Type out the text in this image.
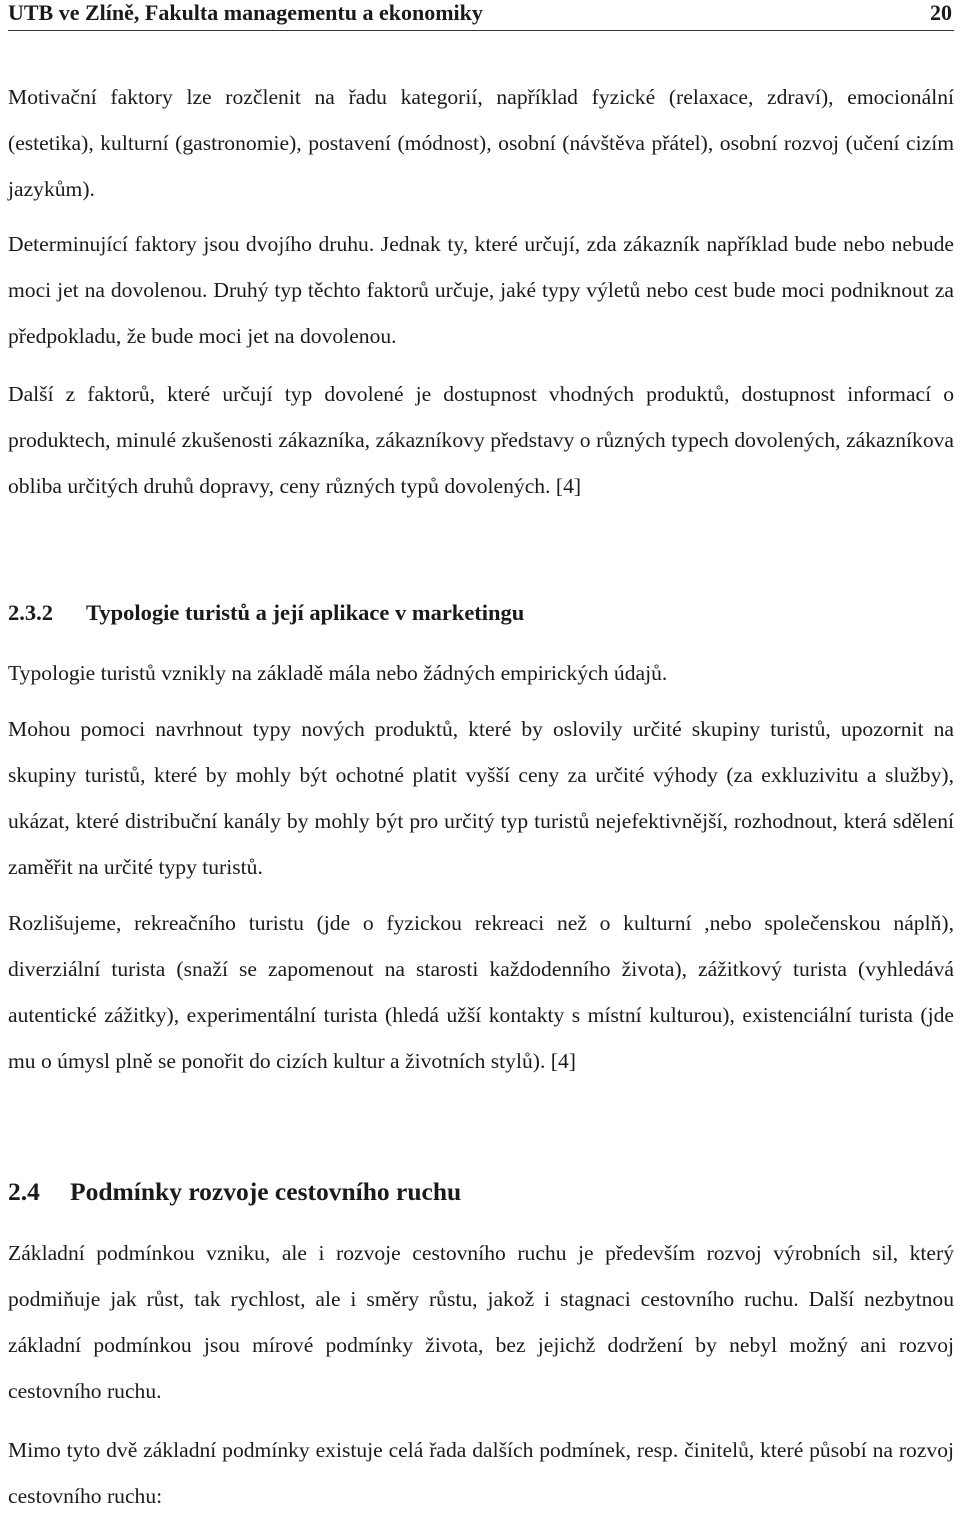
UTB ve Zlíně, Fakulta managementu a ekonomiky	20

Motivační faktory lze rozčlenit na řadu kategorií, například fyzické (relaxace, zdraví), emocionální (estetika), kulturní (gastronomie), postavení (módnost), osobní (návštěva přátel), osobní rozvoj (učení cizím jazykům).

Determinující faktory jsou dvojího druhu. Jednak ty, které určují, zda zákazník například bude nebo nebude moci jet na dovolenou. Druhý typ těchto faktorů určuje, jaké typy výletů nebo cest bude moci podniknout za předpokladu, že bude moci jet na dovolenou.

Další z faktorů, které určují typ dovolené je dostupnost vhodných produktů, dostupnost informací o produktech, minulé zkušenosti zákazníka, zákazníkovy představy o různých typech dovolených, zákazníkova obliba určitých druhů dopravy, ceny různých typů dovolených. [4]

2.3.2 Typologie turistů a její aplikace v marketingu

Typologie turistů vznikly na základě mála nebo žádných empirických údajů.

Mohou pomoci navrhnout typy nových produktů, které by oslovily určité skupiny turistů, upozornit na skupiny turistů, které by mohly být ochotné platit vyšší ceny za určité výhody (za exkluzivitu a služby), ukázat, které distribuční kanály by mohly být pro určitý typ turistů nejefektivnější, rozhodnout, která sdělení zaměřit na určité typy turistů.

Rozlišujeme, rekreačního turistu (jde o fyzickou rekreaci než o kulturní ,nebo společenskou náplň), diverziální turista (snaží se zapomenout na starosti každodenního života), zážitkový turista (vyhledává autentické zážitky), experimentální turista (hledá užší kontakty s místní kulturou), existenciální turista (jde mu o úmysl plně se ponořit do cizích kultur a životních stylů). [4]

2.4 Podmínky rozvoje cestovního ruchu

Základní podmínkou vzniku, ale i rozvoje cestovního ruchu je především rozvoj výrobních sil, který podmiňuje jak růst, tak rychlost, ale i směry růstu, jakož i stagnaci cestovního ruchu. Další nezbytnou základní podmínkou jsou mírové podmínky života, bez jejichž dodržení by nebyl možný ani rozvoj cestovního ruchu.

Mimo tyto dvě základní podmínky existuje celá řada dalších podmínek, resp. činitelů, které působí na rozvoj cestovního ruchu:
